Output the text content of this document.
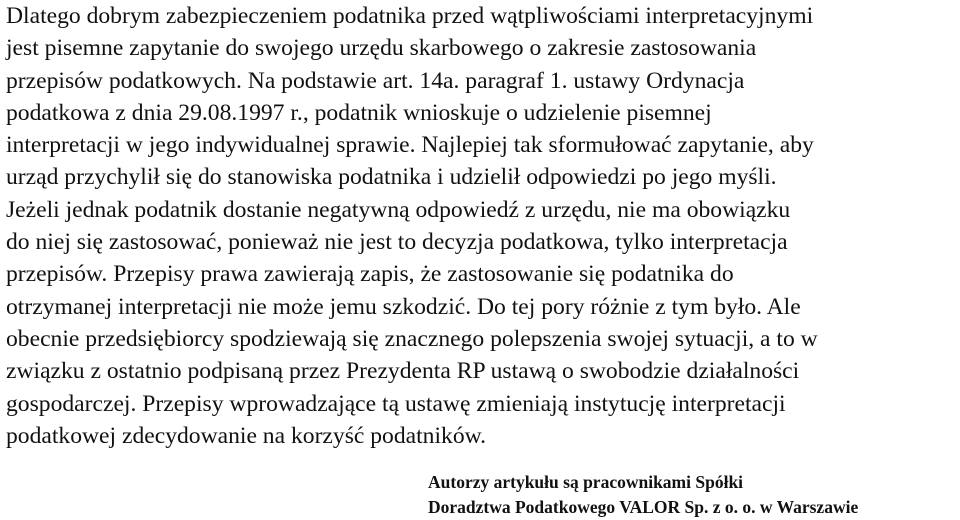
Dlatego dobrym zabezpieczeniem podatnika przed wątpliwościami interpretacyjnymi
jest pisemne zapytanie do swojego urzędu skarbowego o zakresie zastosowania
przepisów podatkowych. Na podstawie art. 14a. paragraf 1. ustawy Ordynacja
podatkowa z dnia 29.08.1997 r., podatnik wnioskuje o udzielenie pisemnej
interpretacji w jego indywidualnej sprawie. Najlepiej tak sformułować zapytanie, aby
urząd przychylił się do stanowiska podatnika i udzielił odpowiedzi po jego myśli.
Jeżeli jednak podatnik dostanie negatywną odpowiedź z urzędu, nie ma obowiązku
do niej się zastosować, ponieważ nie jest to decyzja podatkowa, tylko interpretacja
przepisów. Przepisy prawa zawierają zapis, że zastosowanie się podatnika do
otrzymanej interpretacji nie może jemu szkodzić. Do tej pory różnie z tym było. Ale
obecnie przedsiębiorcy spodziewają się znacznego polepszenia swojej sytuacji, a to w
związku z ostatnio podpisaną przez Prezydenta RP ustawą o swobodzie działalności
gospodarczej. Przepisy wprowadzające tą ustawę zmieniają instytucję interpretacji
podatkowej zdecydowanie na korzyść podatników.

Autorzy artykułu są pracownikami Spółki
Doradztwa Podatkowego VALOR Sp. z o. o. w Warszawie
